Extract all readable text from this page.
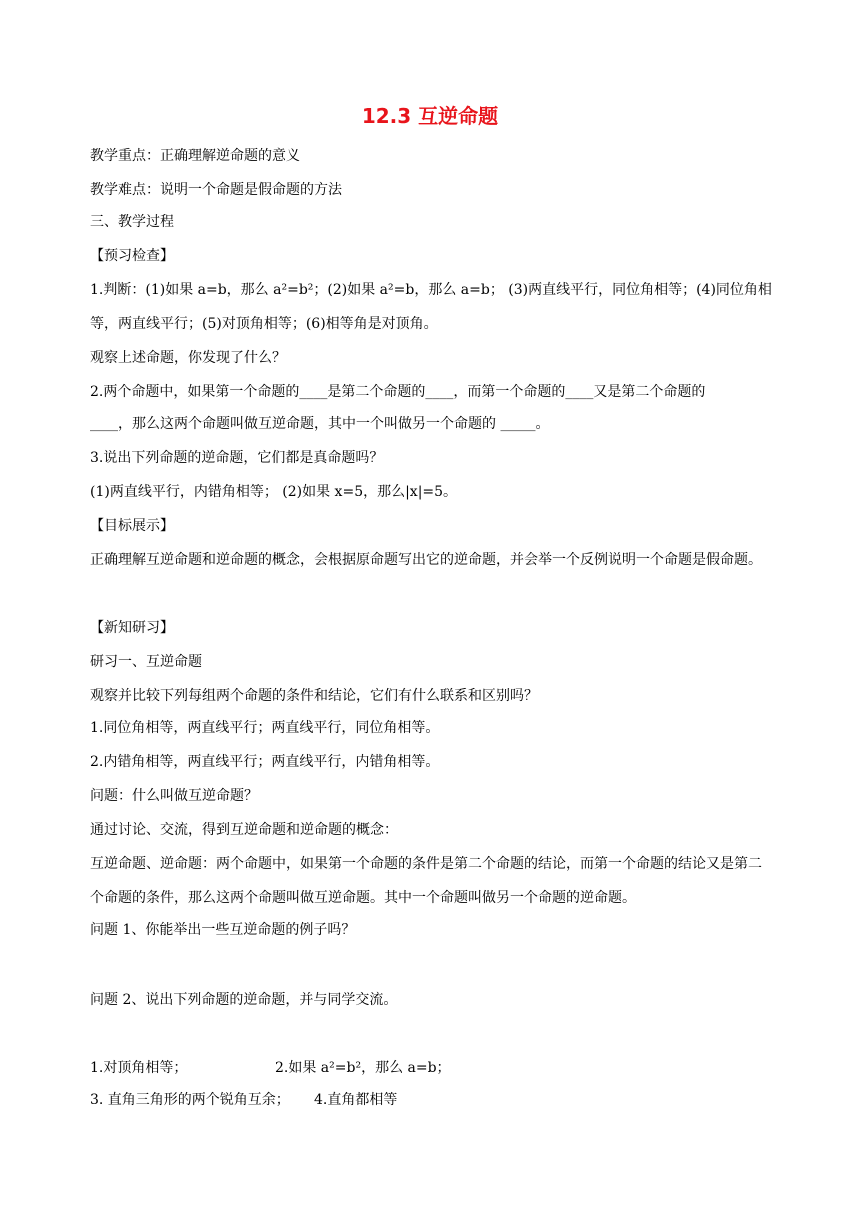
12.3 互逆命题
教学重点：正确理解逆命题的意义
教学难点：说明一个命题是假命题的方法
三、教学过程
【预习检查】
1.判断：(1)如果 a=b，那么 a²=b²；(2)如果 a²=b，那么 a=b； (3)两直线平行，同位角相等；(4)同位角相
等，两直线平行；(5)对顶角相等；(6)相等角是对顶角。
观察上述命题，你发现了什么？
2.两个命题中，如果第一个命题的____是第二个命题的____，而第一个命题的____又是第二个命题的
____，那么这两个命题叫做互逆命题，其中一个叫做另一个命题的 _____。
3.说出下列命题的逆命题，它们都是真命题吗？
(1)两直线平行，内错角相等； (2)如果 x=5，那么|x|=5。
【目标展示】
正确理解互逆命题和逆命题的概念，会根据原命题写出它的逆命题，并会举一个反例说明一个命题是假命题。
【新知研习】
研习一、互逆命题
观察并比较下列每组两个命题的条件和结论，它们有什么联系和区别吗？
1.同位角相等，两直线平行；两直线平行，同位角相等。
2.内错角相等，两直线平行；两直线平行，内错角相等。
问题：什么叫做互逆命题？
通过讨论、交流，得到互逆命题和逆命题的概念：
互逆命题、逆命题：两个命题中，如果第一个命题的条件是第二个命题的结论，而第一个命题的结论又是第二个命题的条件，那么这两个命题叫做互逆命题。其中一个命题叫做另一个命题的逆命题。
问题 1、你能举出一些互逆命题的例子吗？
问题 2、说出下列命题的逆命题，并与同学交流。
1.对顶角相等；	2.如果 a²=b²，那么 a=b；
3. 直角三角形的两个锐角互余； 4.直角都相等
